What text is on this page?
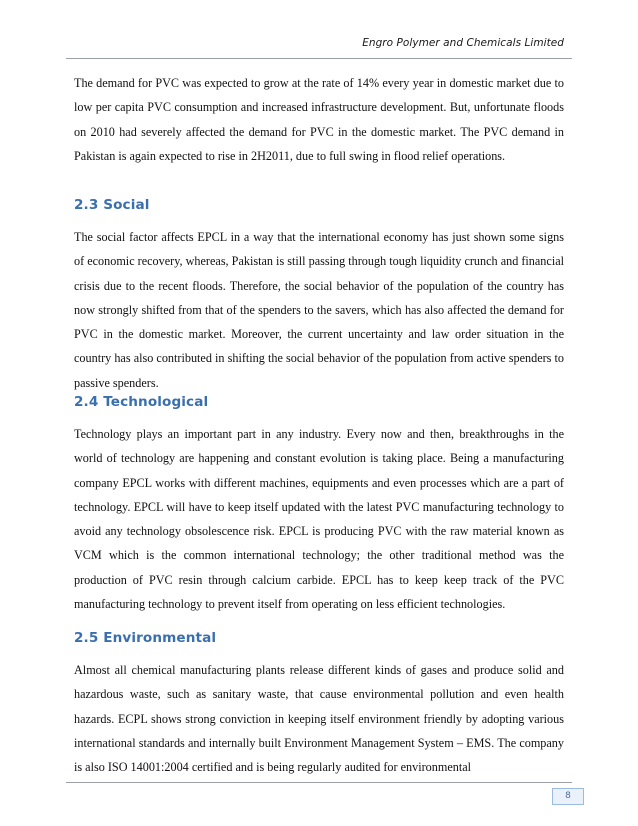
Engro Polymer and Chemicals Limited

The demand for PVC was expected to grow at the rate of 14% every year in domestic market due to low per capita PVC consumption and increased infrastructure development. But, unfortunate floods on 2010 had severely affected the demand for PVC in the domestic market. The PVC demand in Pakistan is again expected to rise in 2H2011, due to full swing in flood relief operations.

2.3 Social

The social factor affects EPCL in a way that the international economy has just shown some signs of economic recovery, whereas, Pakistan is still passing through tough liquidity crunch and financial crisis due to the recent floods. Therefore, the social behavior of the population of the country has now strongly shifted from that of the spenders to the savers, which has also affected the demand for PVC in the domestic market. Moreover, the current uncertainty and law order situation in the country has also contributed in shifting the social behavior of the population from active spenders to passive spenders.

2.4 Technological

Technology plays an important part in any industry. Every now and then, breakthroughs in the world of technology are happening and constant evolution is taking place. Being a manufacturing company EPCL works with different machines, equipments and even processes which are a part of technology. EPCL will have to keep itself updated with the latest PVC manufacturing technology to avoid any technology obsolescence risk. EPCL is producing PVC with the raw material known as VCM which is the common international technology; the other traditional method was the production of PVC resin through calcium carbide. EPCL has to keep keep track of the PVC manufacturing technology to prevent itself from operating on less efficient technologies.

2.5 Environmental

Almost all chemical manufacturing plants release different kinds of gases and produce solid and hazardous waste, such as sanitary waste, that cause environmental pollution and even health hazards. ECPL shows strong conviction in keeping itself environment friendly by adopting various international standards and internally built Environment Management System – EMS. The company is also ISO 14001:2004 certified and is being regularly audited for environmental

8
